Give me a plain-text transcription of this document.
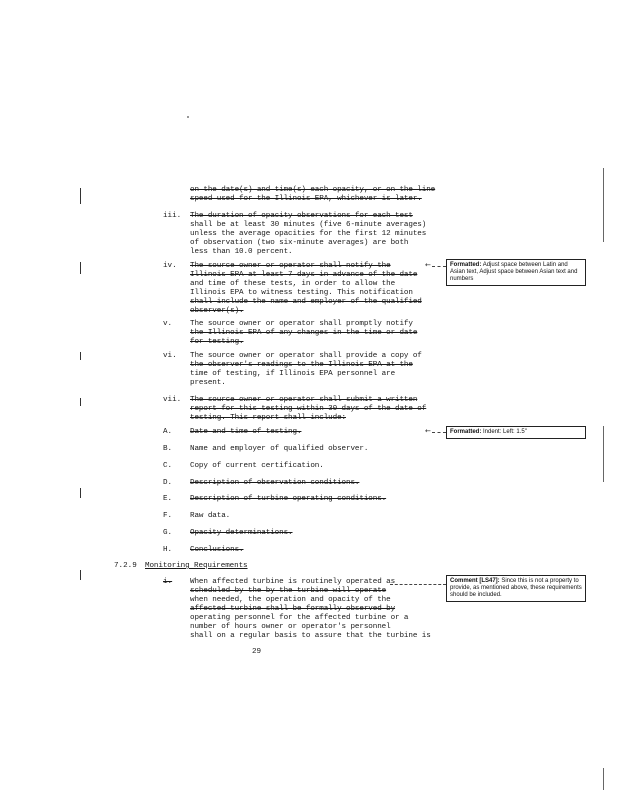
on the date(s) and time(s) each opacity, or on the line
speed used for the Illinois EPA, whichever is later.
iii. The duration of opacity observations for each test
shall be at least 30 minutes (five 6-minute averages)
unless the average opacities for the first 12 minutes
of observation (two six-minute averages) are both
less than 10.0 percent.
iv. The source owner or operator shall notify the
Illinois EPA at least 7 days in advance of the date
and time of these tests, in order to allow the
Illinois EPA to witness testing. This notification
shall include the name and employer of the qualified
observer(s).
v. The source owner or operator shall promptly notify
the Illinois EPA of any changes in the time or date
for testing.
vi. The source owner or operator shall provide a copy of
the observer's readings to the Illinois EPA at the
time of testing, if Illinois EPA personnel are
present.
vii. The source owner or operator shall submit a written
report for this testing within 30 days of the date of
testing. This report shall include:
A. Date and time of testing.
B. Name and employer of qualified observer.
C. Copy of current certification.
D. Description of observation conditions.
E. Description of turbine operating conditions.
F. Raw data.
G. Opacity determinations.
H. Conclusions.
7.2.9 Monitoring Requirements
i. When affected turbine is routinely operated as
scheduled by the by the turbine will operate
when needed, the operation and opacity of the
affected turbine shall be formally observed by
operating personnel for the affected turbine or a
number of hours owner or operator's personnel
shall on a regular basis to assure that the turbine is
29
←	Formatted: Adjust space between Latin and Asian text, Adjust space between Asian text and numbers
←	Formatted: Indent: Left: 1.5"
Comment [LS47]: Since this is not a property to provide, as mentioned above, these requirements should be included.
